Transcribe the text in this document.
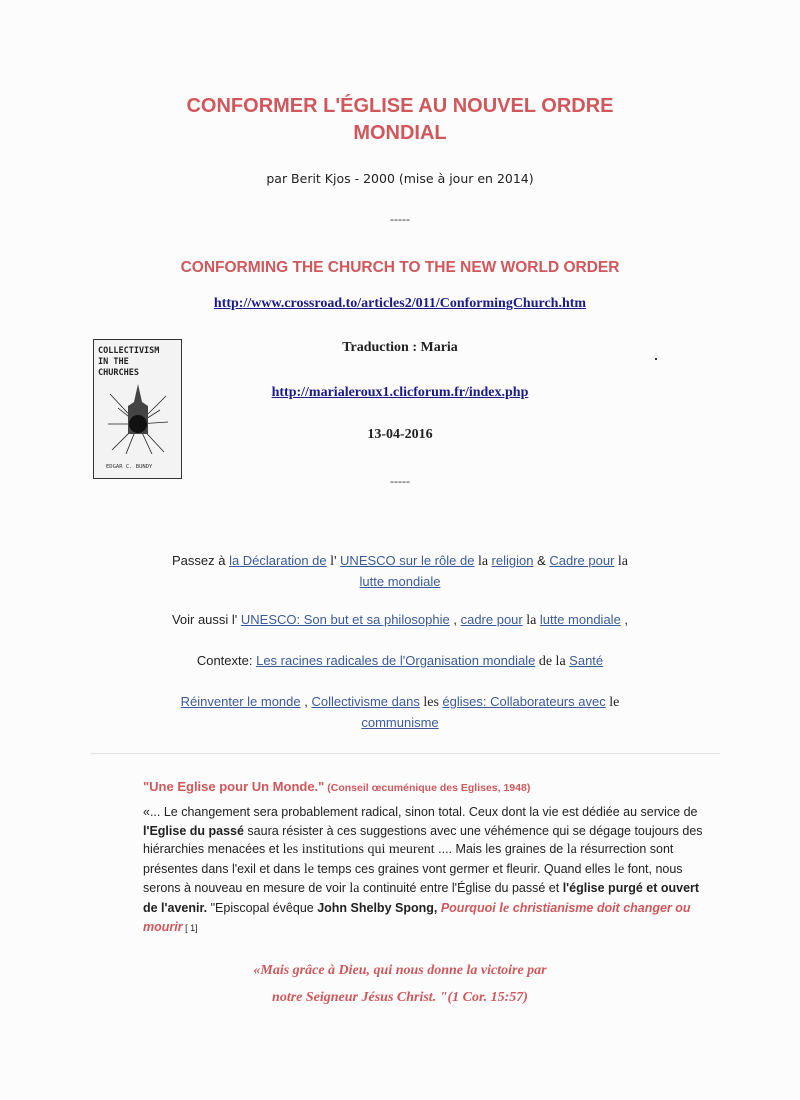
CONFORMER L'ÉGLISE AU NOUVEL ORDRE
MONDIAL
par Berit Kjos - 2000 (mise à jour en 2014)
-----
CONFORMING THE CHURCH TO THE NEW WORLD ORDER
http://www.crossroad.to/articles2/011/ConformingChurch.htm
COLLECTIVISM
IN THE
CHURCHES
EDGAR C. BUNDY
Traduction : Maria
http://marialeroux1.clicforum.fr/index.php
13-04-2016
-----
Passez à la Déclaration de l' UNESCO sur le rôle de la religion & Cadre pour la
lutte mondiale
Voir aussi l' UNESCO: Son but et sa philosophie , cadre pour la lutte mondiale ,
Contexte: Les racines radicales de l'Organisation mondiale de la Santé
Réinventer le monde , Collectivisme dans les églises: Collaborateurs avec le
communisme
"Une Eglise pour Un Monde." (Conseil œcuménique des Eglises, 1948)
«... Le changement sera probablement radical, sinon total. Ceux dont la vie est dédiée au service de l'Eglise du passé saura résister à ces suggestions avec une véhémence qui se dégage toujours des hiérarchies menacées et les institutions qui meurent .... Mais les graines de la résurrection sont présentes dans l'exil et dans le temps ces graines vont germer et fleurir. Quand elles le font, nous serons à nouveau en mesure de voir la continuité entre l'Église du passé et l'église purgé et ouvert de l'avenir. "Episcopal évêque John Shelby Spong, Pourquoi le christianisme doit changer ou mourir [ 1]
«Mais grâce à Dieu, qui nous donne la victoire par
notre Seigneur Jésus Christ. "(1 Cor. 15:57)
